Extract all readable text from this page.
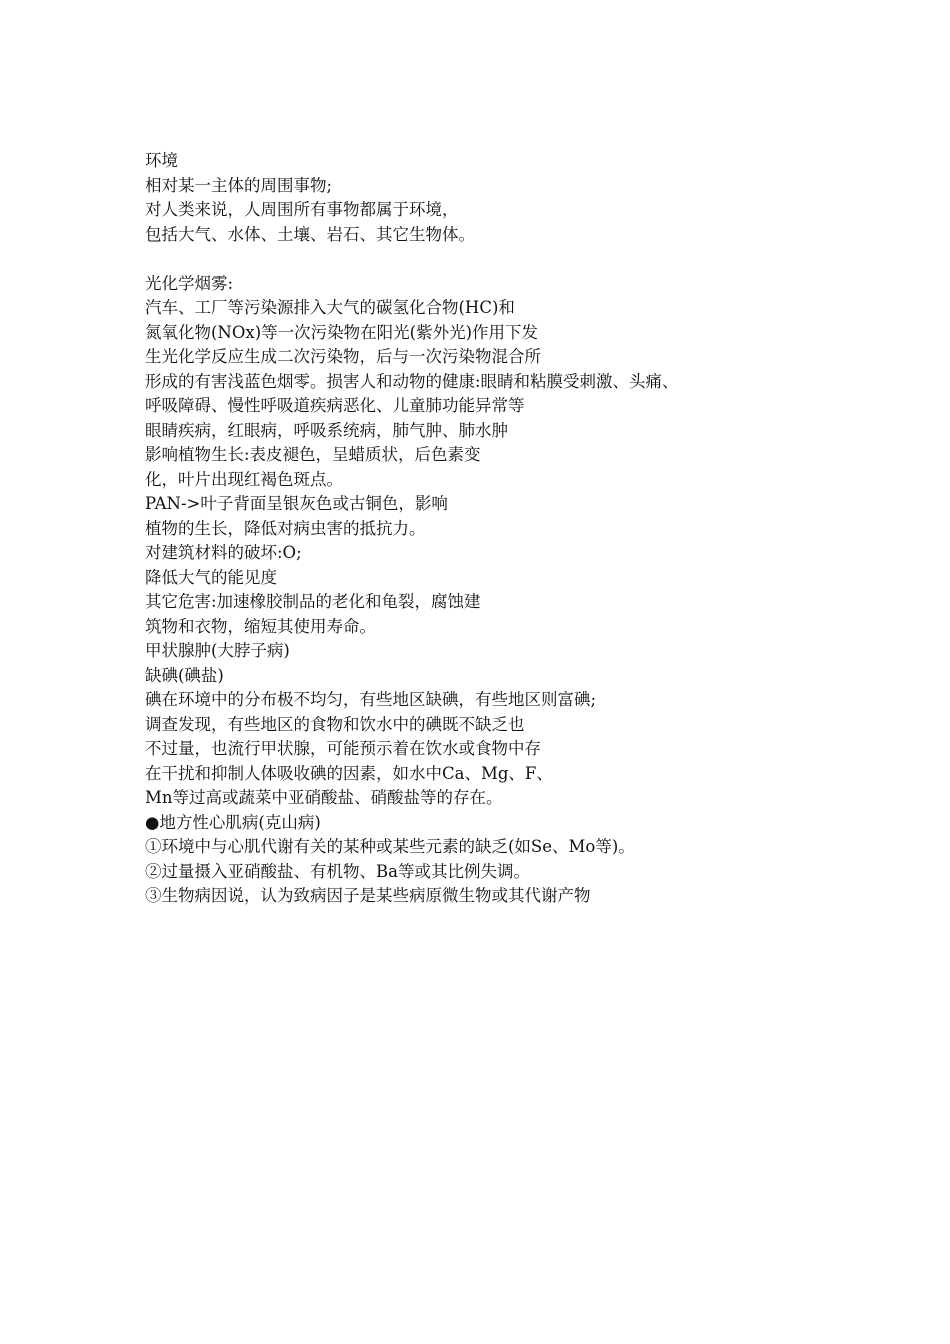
环境
相对某一主体的周围事物;
对人类来说，人周围所有事物都属于环境，
包括大气、水体、土壤、岩石、其它生物体。
光化学烟雾:
汽车、工厂等污染源排入大气的碳氢化合物(HC)和
氮氧化物(NOx)等一次污染物在阳光(紫外光)作用下发
生光化学反应生成二次污染物，后与一次污染物混合所
形成的有害浅蓝色烟零。损害人和动物的健康:眼睛和粘膜受刺激、头痛、
呼吸障碍、慢性呼吸道疾病恶化、儿童肺功能异常等
眼睛疾病，红眼病，呼吸系统病，肺气肿、肺水肿
影响植物生长:表皮褪色，呈蜡质状，后色素变
化，叶片出现红褐色斑点。
PAN->叶子背面呈银灰色或古铜色，影响
植物的生长，降低对病虫害的抵抗力。
对建筑材料的破坏:O;
降低大气的能见度
其它危害:加速橡胶制品的老化和龟裂，腐蚀建
筑物和衣物，缩短其使用寿命。
甲状腺肿(大脖子病)
缺碘(碘盐)
碘在环境中的分布极不均匀，有些地区缺碘，有些地区则富碘;
调查发现，有些地区的食物和饮水中的碘既不缺乏也
不过量，也流行甲状腺，可能预示着在饮水或食物中存
在干扰和抑制人体吸收碘的因素，如水中Ca、Mg、F、
Mn等过高或蔬菜中亚硝酸盐、硝酸盐等的存在。
●地方性心肌病(克山病)
①环境中与心肌代谢有关的某种或某些元素的缺乏(如Se、Mo等)。
②过量摄入亚硝酸盐、有机物、Ba等或其比例失调。
③生物病因说，认为致病因子是某些病原微生物或其代谢产物
